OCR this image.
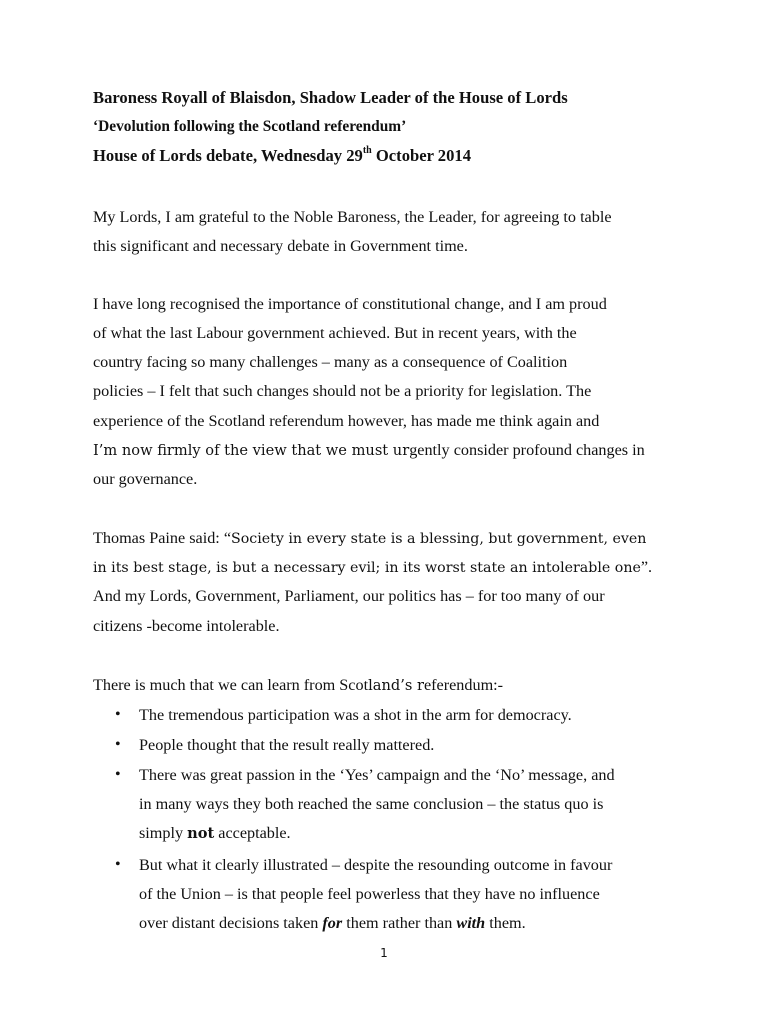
Baroness Royall of Blaisdon, Shadow Leader of the House of Lords
‘Devolution following the Scotland referendum’
House of Lords debate, Wednesday 29th October 2014
My Lords, I am grateful to the Noble Baroness, the Leader, for agreeing to table
this significant and necessary debate in Government time.
I have long recognised the importance of constitutional change, and I am proud
of what the last Labour government achieved. But in recent years, with the
country facing so many challenges – many as a consequence of Coalition
policies – I felt that such changes should not be a priority for legislation. The
experience of the Scotland referendum however, has made me think again and
I’m now firmly of the view that we must urgently consider profound changes in
our governance.
Thomas Paine said: “Society in every state is a blessing, but government, even
in its best stage, is but a necessary evil; in its worst state an intolerable one”.
And my Lords, Government, Parliament, our politics has – for too many of our
citizens -become intolerable.
There is much that we can learn from Scotland’s referendum:-
• The tremendous participation was a shot in the arm for democracy.
• People thought that the result really mattered.
• There was great passion in the ‘Yes’ campaign and the ‘No’ message, and
in many ways they both reached the same conclusion – the status quo is
simply not acceptable.
• But what it clearly illustrated – despite the resounding outcome in favour
of the Union – is that people feel powerless that they have no influence
over distant decisions taken for them rather than with them.
1
